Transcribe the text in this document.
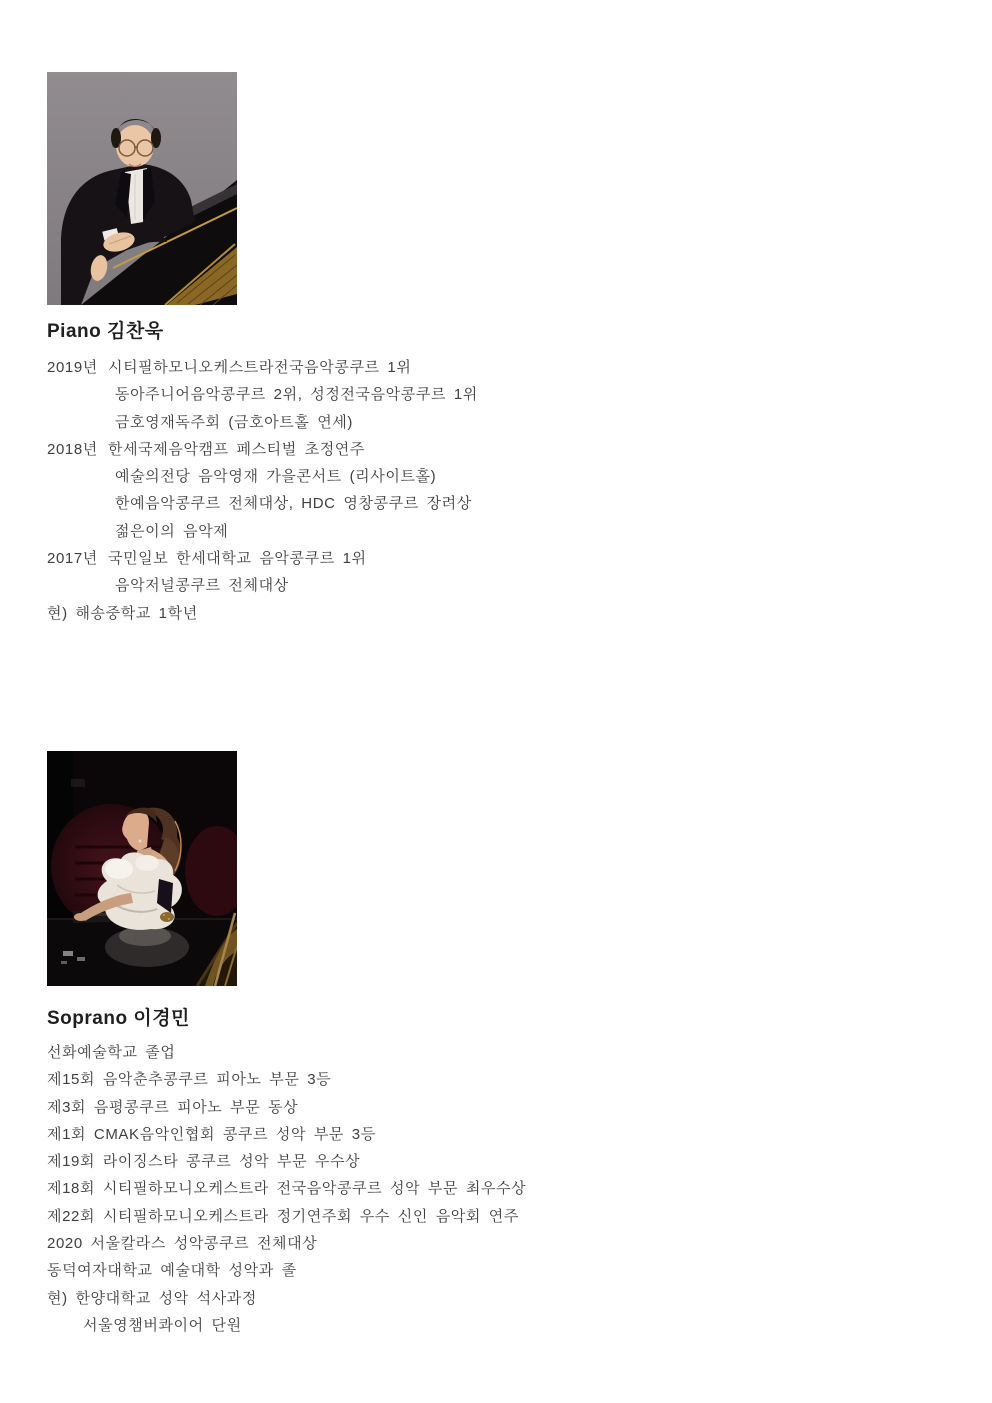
Piano 김찬욱
2019년 시티필하모니오케스트라전국음악콩쿠르 1위
동아주니어음악콩쿠르 2위, 성정전국음악콩쿠르 1위
금호영재독주회 (금호아트홀 연세)
2018년 한세국제음악캠프 페스티벌 초정연주
예술의전당 음악영재 가을콘서트 (리사이트홀)
한예음악콩쿠르 전체대상, HDC 영창콩쿠르 장려상
젊은이의 음악제
2017년 국민일보 한세대학교 음악콩쿠르 1위
음악저널콩쿠르 전체대상
현) 해송중학교 1학년
Soprano 이경민
선화예술학교 졸업
제15회 음악춘추콩쿠르 피아노 부문 3등
제3회 음평콩쿠르 피아노 부문 동상
제1회 CMAK음악인협회 콩쿠르 성악 부문 3등
제19회 라이징스타 콩쿠르 성악 부문 우수상
제18회 시티필하모니오케스트라 전국음악콩쿠르 성악 부문 최우수상
제22회 시티필하모니오케스트라 정기연주회 우수 신인 음악회 연주
2020 서울칼라스 성악콩쿠르 전체대상
동덕여자대학교 예술대학 성악과 졸
현) 한양대학교 성악 석사과정
서울영챔버콰이어 단원
